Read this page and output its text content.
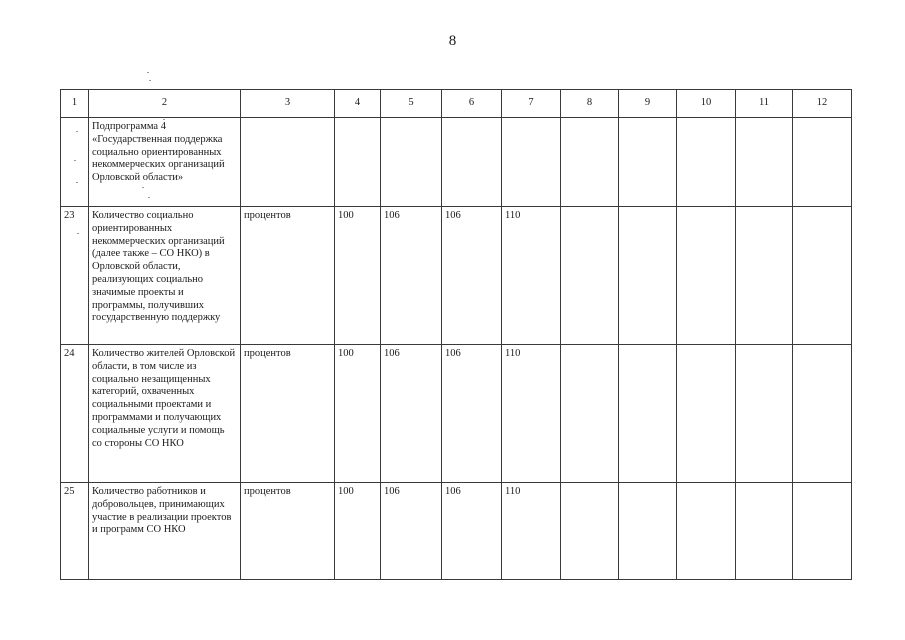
8
1	2	3	4	5	6	7	8	9	10	11	12
	Подпрограмма 4 «Государственная поддержка социально ориентированных некоммерческих организаций Орловской области»										
23	Количество социально ориентированных некоммерческих организаций (далее также – СО НКО) в Орловской области, реализующих социально значимые проекты и программы, получивших государственную поддержку	процентов	100	106	106	110					
24	Количество жителей Орловской области, в том числе из социально незащищенных категорий, охваченных социальными проектами и программами и получающих социальные услуги и помощь со стороны СО НКО	процентов	100	106	106	110					
25	Количество работников и добровольцев, принимающих участие в реализации проектов и программ СО НКО	процентов	100	106	106	110					
